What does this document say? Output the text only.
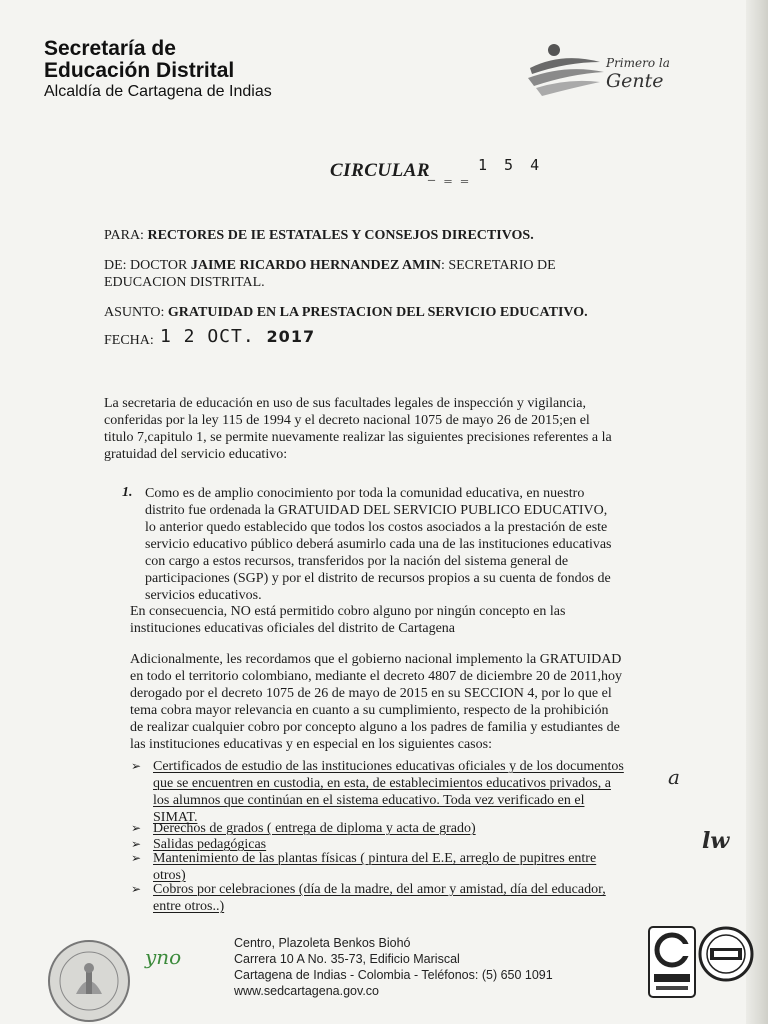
Secretaría de
Educación Distrital
Alcaldía de Cartagena de Indias
Primero la
Gente
CIRCULAR
_ ‗ ‗
1 5 4
PARA: RECTORES DE IE ESTATALES Y CONSEJOS DIRECTIVOS.
DE: DOCTOR JAIME RICARDO HERNANDEZ AMIN: SECRETARIO DE
EDUCACION DISTRITAL.
ASUNTO: GRATUIDAD EN LA PRESTACION DEL SERVICIO EDUCATIVO.
FECHA: 1 2 OCT. 2017
La secretaria de educación en uso de sus facultades legales de inspección y vigilancia,
conferidas por la ley 115 de 1994 y el decreto nacional 1075 de mayo 26 de 2015;en el
titulo 7,capitulo 1, se permite nuevamente realizar las siguientes precisiones referentes a la
gratuidad del servicio educativo:
1. Como es de amplio conocimiento por toda la comunidad educativa, en nuestro
distrito fue ordenada la GRATUIDAD DEL SERVICIO PUBLICO EDUCATIVO,
lo anterior quedo establecido que todos los costos asociados a la prestación de este
servicio educativo público deberá asumirlo cada una de las instituciones educativas
con cargo a estos recursos, transferidos por la nación del sistema general de
participaciones (SGP) y por el distrito de recursos propios a su cuenta de fondos de
servicios educativos.
En consecuencia, NO está permitido cobro alguno por ningún concepto en las
instituciones educativas oficiales del distrito de Cartagena
Adicionalmente, les recordamos que el gobierno nacional implemento la GRATUIDAD
en todo el territorio colombiano, mediante el decreto 4807 de diciembre 20 de 2011,hoy
derogado por el decreto 1075 de 26 de mayo de 2015 en su SECCION 4, por lo que el
tema cobra mayor relevancia en cuanto a su cumplimiento, respecto de la prohibición
de realizar cualquier cobro por concepto alguno a los padres de familia y estudiantes de
las instituciones educativas y en especial en los siguientes casos:
➢ Certificados de estudio de las instituciones educativas oficiales y de los documentos
que se encuentren en custodia, en esta, de establecimientos educativos privados, a
los alumnos que continúan en el sistema educativo. Toda vez verificado en el
SIMAT.
➢ Derechos de grados ( entrega de diploma y acta de grado)
➢ Salidas pedagógicas
➢ Mantenimiento de las plantas físicas ( pintura del E.E, arreglo de pupitres entre
otros)
➢ Cobros por celebraciones (día de la madre, del amor y amistad, día del educador,
entre otros..)
a
lw
yno
Centro, Plazoleta Benkos Biohó
Carrera 10 A No. 35-73, Edificio Mariscal
Cartagena de Indias - Colombia - Teléfonos: (5) 650 1091
www.sedcartagena.gov.co
